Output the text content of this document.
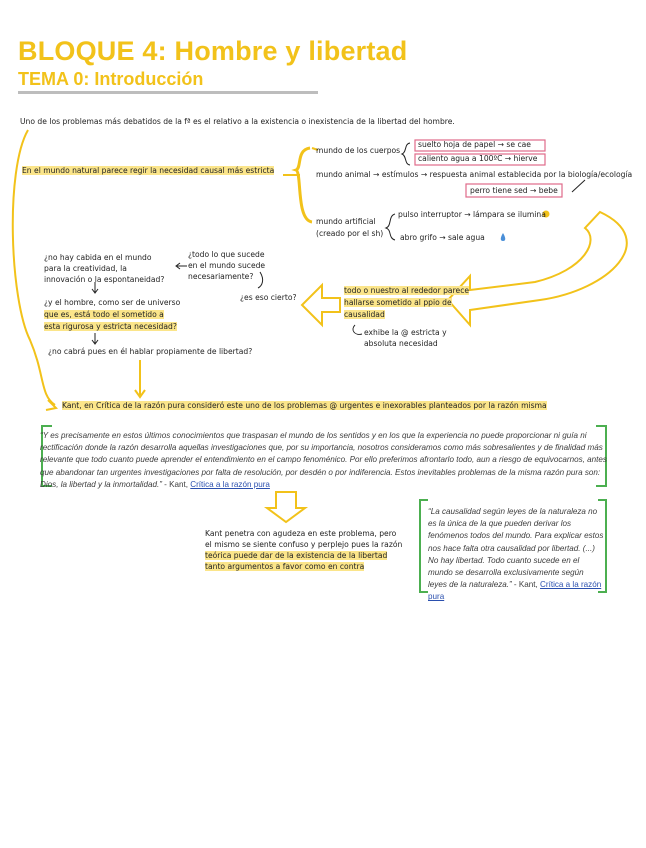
BLOQUE 4: Hombre y libertad
TEMA 0: Introducción
Uno de los problemas más debatidos de la fª es el relativo a la existencia o inexistencia de la libertad del hombre.
En el mundo natural parece regir la necesidad causal más estricta
mundo de los cuerpos
suelto hoja de papel → se cae
caliento agua a 100ºC → hierve
mundo animal → estímulos → respuesta animal establecida por la biología/ecología
perro tiene sed → bebe
mundo artificial
(creado por el sh)
pulso interruptor → lámpara se ilumina
abro grifo → sale agua
todo o nuestro al rededor parece
hallarse sometido al ppio de
causalidad
exhibe la @ estricta y
absoluta necesidad
¿todo lo que sucede
en el mundo sucede
necesariamente?
¿es eso cierto?
¿no hay cabida en el mundo
para la creatividad, la
innovación o la espontaneidad?
¿y el hombre, como ser de universo
que es, está todo el sometido a
esta rigurosa y estricta necesidad?
¿no cabrá pues en él hablar propiamente de libertad?
Kant, en Crítica de la razón pura consideró este uno de los problemas @ urgentes e inexorables planteados por la razón misma
“Y es precisamente en estos últimos conocimientos que traspasan el mundo de los sentidos y en los que la experiencia no puede proporcionar ni guía ni rectificación donde la razón desarrolla aquellas investigaciones que, por su importancia, nosotros consideramos como más sobresalientes y de finalidad más relevante que todo cuanto puede aprender el entendimiento en el campo fenoménico. Por ello preferimos afrontarlo todo, aun a riesgo de equivocarnos, antes que abandonar tan urgentes investigaciones por falta de resolución, por desdén o por indiferencia. Estos inevitables problemas de la misma razón pura son: Dios, la libertad y la inmortalidad.” - Kant, Crítica a la razón pura
Kant penetra con agudeza en este problema, pero
el mismo se siente confuso y perplejo pues la razón
teórica puede dar de la existencia de la libertad
tanto argumentos a favor como en contra
“La causalidad según leyes de la naturaleza no es la única de la que pueden derivar los fenómenos todos del mundo. Para explicar estos nos hace falta otra causalidad por libertad. (...) No hay libertad. Todo cuanto sucede en el mundo se desarrolla exclusivamente según leyes de la naturaleza.” - Kant, Crítica a la razón pura
